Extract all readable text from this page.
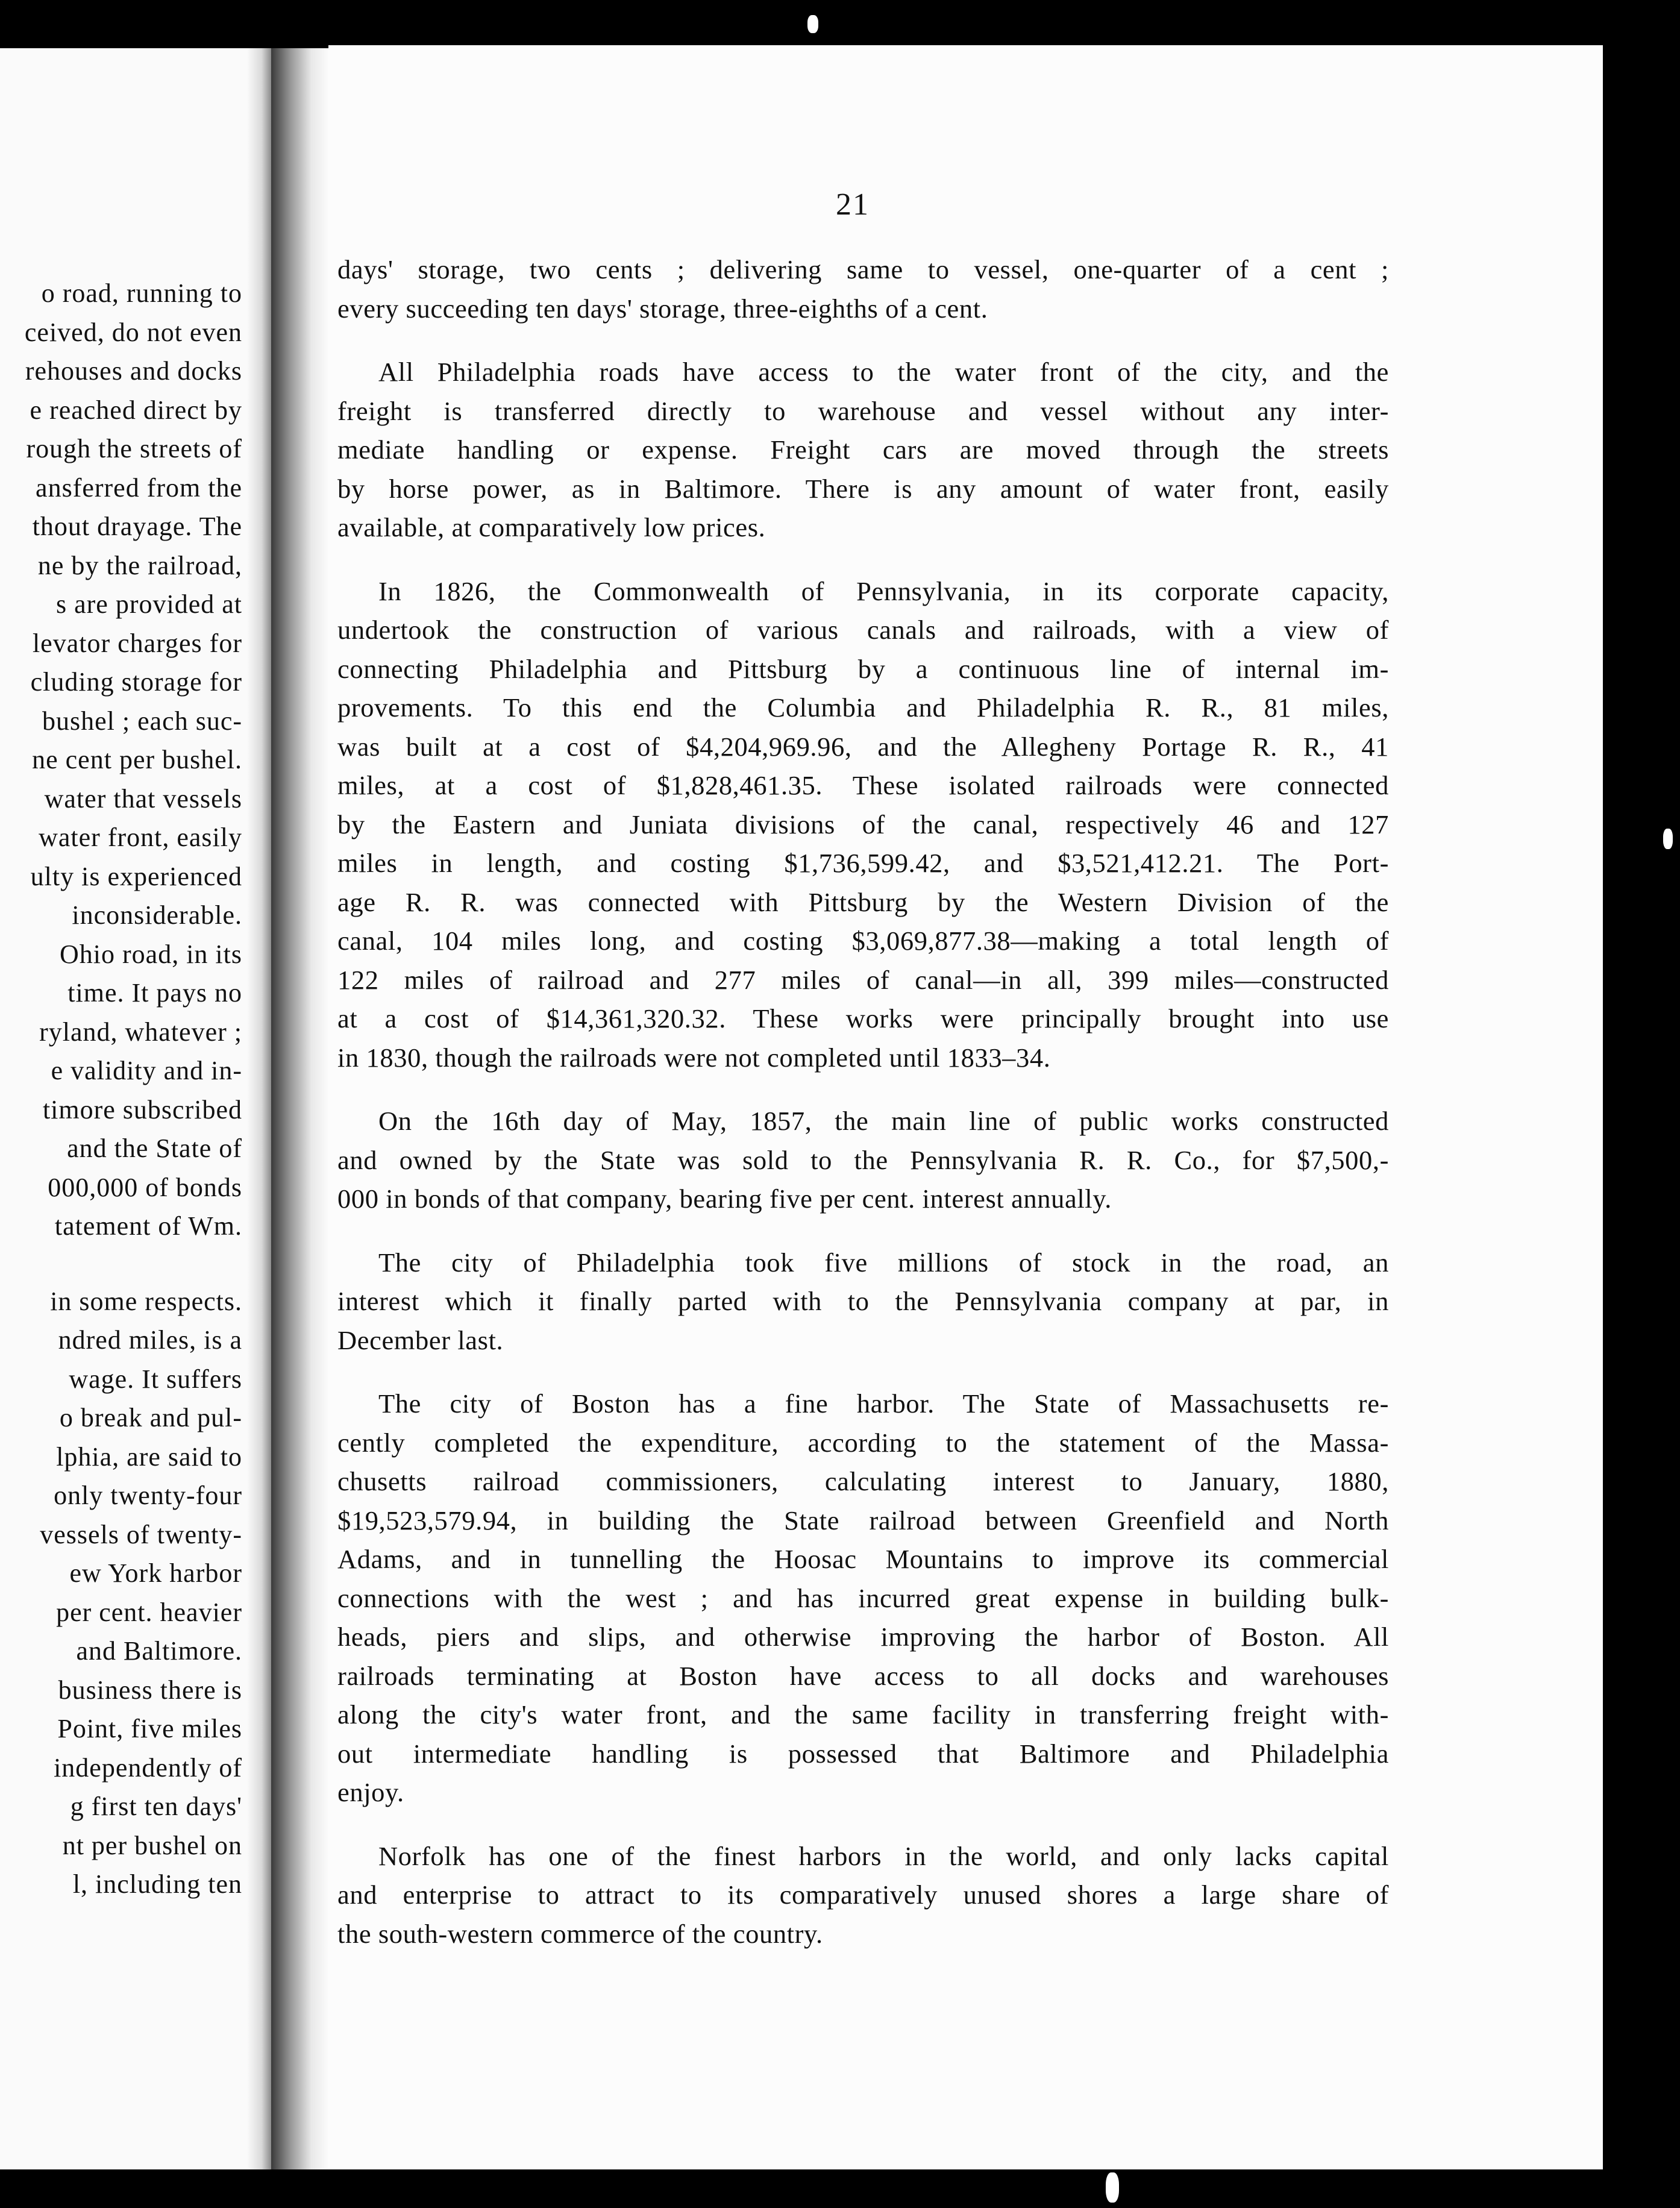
o road, running to
ceived, do not even
rehouses and docks
e reached direct by
rough the streets of
ansferred from the
thout drayage. The
ne by the railroad,
s are provided at
levator charges for
cluding storage for
bushel ; each suc-
ne cent per bushel.
water that vessels
water front, easily
ulty is experienced
inconsiderable.
Ohio road, in its
time. It pays no
ryland, whatever ;
e validity and in-
timore subscribed
and the State of
000,000 of bonds
tatement of Wm.
in some respects.
ndred miles, is a
wage. It suffers
o break and pul-
lphia, are said to
only twenty-four
vessels of twenty-
ew York harbor
per cent. heavier
and Baltimore.
business there is
Point, five miles
independently of
g first ten days'
nt per bushel on
l, including ten
21
days' storage, two cents ; delivering same to vessel, one-quarter of a cent ;
every succeeding ten days' storage, three-eighths of a cent.
All Philadelphia roads have access to the water front of the city, and the
freight is transferred directly to warehouse and vessel without any inter-
mediate handling or expense. Freight cars are moved through the streets
by horse power, as in Baltimore. There is any amount of water front, easily
available, at comparatively low prices.
In 1826, the Commonwealth of Pennsylvania, in its corporate capacity,
undertook the construction of various canals and railroads, with a view of
connecting Philadelphia and Pittsburg by a continuous line of internal im-
provements. To this end the Columbia and Philadelphia R. R., 81 miles,
was built at a cost of $4,204,969.96, and the Allegheny Portage R. R., 41
miles, at a cost of $1,828,461.35. These isolated railroads were connected
by the Eastern and Juniata divisions of the canal, respectively 46 and 127
miles in length, and costing $1,736,599.42, and $3,521,412.21. The Port-
age R. R. was connected with Pittsburg by the Western Division of the
canal, 104 miles long, and costing $3,069,877.38—making a total length of
122 miles of railroad and 277 miles of canal—in all, 399 miles—constructed
at a cost of $14,361,320.32. These works were principally brought into use
in 1830, though the railroads were not completed until 1833–34.
On the 16th day of May, 1857, the main line of public works constructed
and owned by the State was sold to the Pennsylvania R. R. Co., for $7,500,-
000 in bonds of that company, bearing five per cent. interest annually.
The city of Philadelphia took five millions of stock in the road, an
interest which it finally parted with to the Pennsylvania company at par, in
December last.
The city of Boston has a fine harbor. The State of Massachusetts re-
cently completed the expenditure, according to the statement of the Massa-
chusetts railroad commissioners, calculating interest to January, 1880,
$19,523,579.94, in building the State railroad between Greenfield and North
Adams, and in tunnelling the Hoosac Mountains to improve its commercial
connections with the west ; and has incurred great expense in building bulk-
heads, piers and slips, and otherwise improving the harbor of Boston. All
railroads terminating at Boston have access to all docks and warehouses
along the city's water front, and the same facility in transferring freight with-
out intermediate handling is possessed that Baltimore and Philadelphia
enjoy.
Norfolk has one of the finest harbors in the world, and only lacks capital
and enterprise to attract to its comparatively unused shores a large share of
the south-western commerce of the country.
